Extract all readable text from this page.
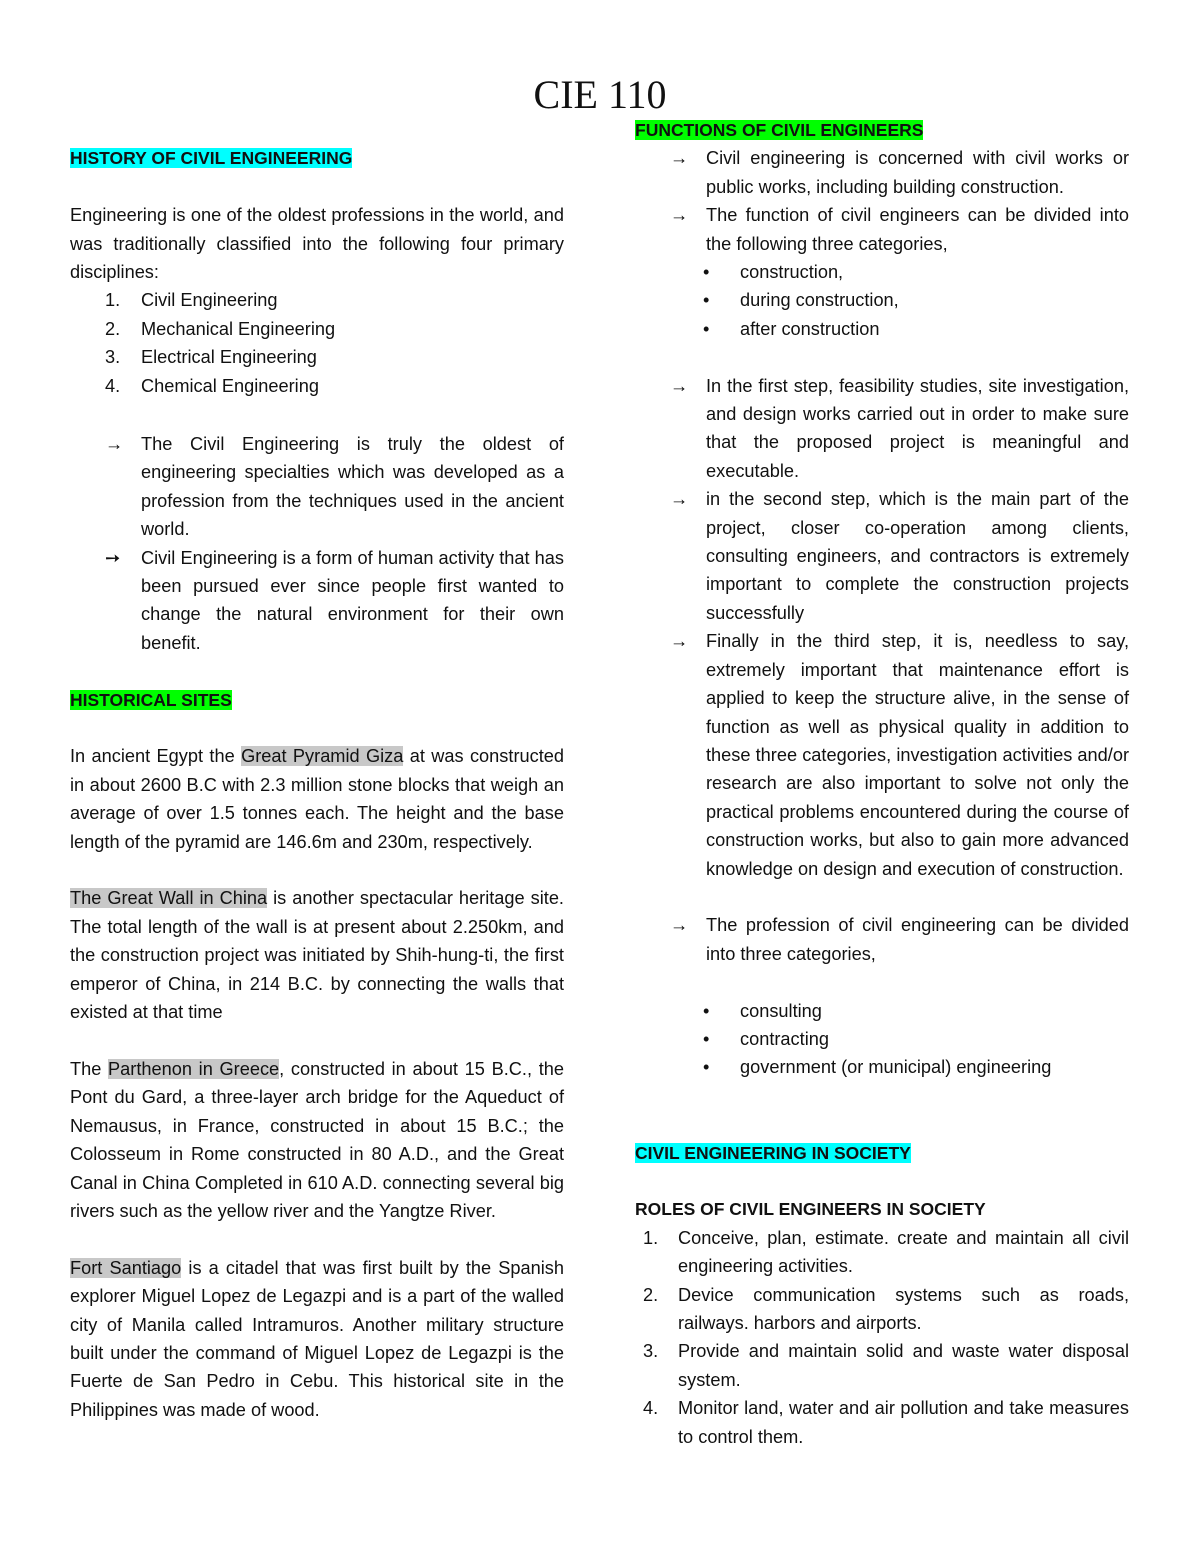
CIE 110

HISTORY OF CIVIL ENGINEERING

Engineering is one of the oldest professions in the world, and was traditionally classified into the following four primary disciplines:

1.	Civil Engineering
2.	Mechanical Engineering
3.	Electrical Engineering
4.	Chemical Engineering
→ The Civil Engineering is truly the oldest of engineering specialties which was developed as a profession from the techniques used in the ancient world.
➙	Civil Engineering is a form of human activity that has been pursued ever since people first wanted to change the natural environment for their own benefit.

HISTORICAL SITES

In ancient Egypt the Great Pyramid Giza at was constructed in about 2600 B.C with 2.3 million stone blocks that weigh an average of over 1.5 tonnes each. The height and the base length of the pyramid are 146.6m and 230m, respectively.

The Great Wall in China is another spectacular heritage site. The total length of the wall is at present about 2.250km, and the construction project was initiated by Shih-hung-ti, the first emperor of China, in 214 B.C. by connecting the walls that existed at that time

The Parthenon in Greece, constructed in about 15 B.C., the Pont du Gard, a three-layer arch bridge for the Aqueduct of Nemausus, in France, constructed in about 15 B.C.; the Colosseum in Rome constructed in 80 A.D., and the Great Canal in China Completed in 610 A.D. connecting several big rivers such as the yellow river and the Yangtze River.

Fort Santiago is a citadel that was first built by the Spanish explorer Miguel Lopez de Legazpi and is a part of the walled city of Manila called Intramuros. Another military structure built under the command of Miguel Lopez de Legazpi is the Fuerte de San Pedro in Cebu. This historical site in the Philippines was made of wood.

FUNCTIONS OF CIVIL ENGINEERS

→ Civil engineering is concerned with civil works or public works, including building construction.
→ The function of civil engineers can be divided into the following three categories,
•	construction,
•	during construction,
•	after construction
→ In the first step, feasibility studies, site investigation, and design works carried out in order to make sure that the proposed project is meaningful and executable.
→ in the second step, which is the main part of the project, closer co-operation among clients, consulting engineers, and contractors is extremely important to complete the construction projects successfully
→ Finally in the third step, it is, needless to say, extremely important that maintenance effort is applied to keep the structure alive, in the sense of function as well as physical quality in addition to these three categories, investigation activities and/or research are also important to solve not only the practical problems encountered during the course of construction works, but also to gain more advanced knowledge on design and execution of construction.
→ The profession of civil engineering can be divided into three categories,
•	consulting
•	contracting
•	government (or municipal) engineering

CIVIL ENGINEERING IN SOCIETY

ROLES OF CIVIL ENGINEERS IN SOCIETY

1.	Conceive, plan, estimate. create and maintain all civil engineering activities.
2.	Device communication systems such as roads, railways. harbors and airports.
3.	Provide and maintain solid and waste water disposal system.
4.	Monitor land, water and air pollution and take measures to control them.
